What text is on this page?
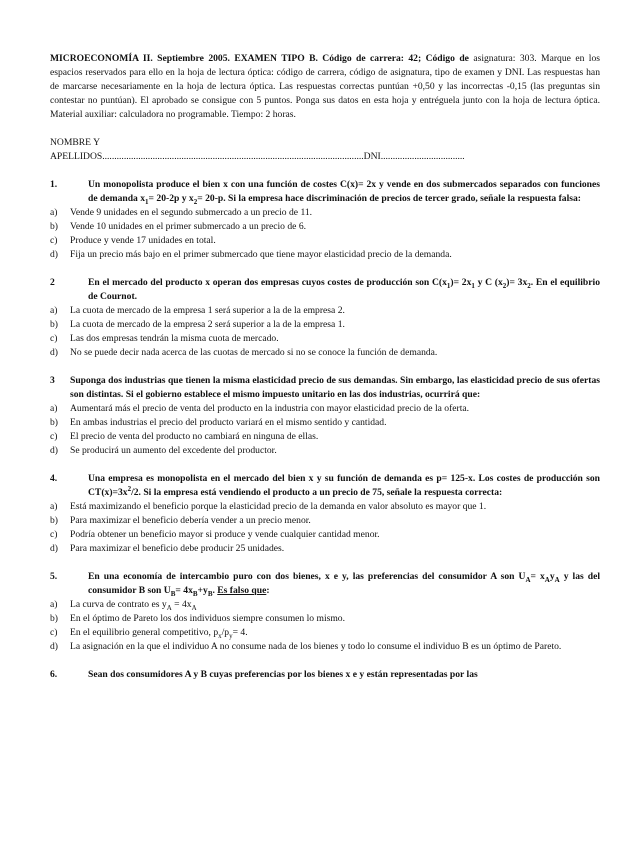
MICROECONOMÍA II. Septiembre 2005. EXAMEN TIPO B. Código de carrera: 42; Código de asignatura: 303. Marque en los espacios reservados para ello en la hoja de lectura óptica: código de carrera, código de asignatura, tipo de examen y DNI. Las respuestas han de marcarse necesariamente en la hoja de lectura óptica. Las respuestas correctas puntúan +0,50 y las incorrectas -0,15 (las preguntas sin contestar no puntúan). El aprobado se consigue con 5 puntos. Ponga sus datos en esta hoja y entréguela junto con la hoja de lectura óptica. Material auxiliar: calculadora no programable. Tiempo: 2 horas.

NOMBRE Y
APELLIDOS.............................................................................................................DNI...................................
1.	Un monopolista produce el bien x con una función de costes C(x)= 2x y vende en dos submercados separados con funciones de demanda $x_1= 20-2p$ y $x_2= 20-p$. Si la empresa hace discriminación de precios de tercer grado, señale la respuesta falsa:
a)	Vende 9 unidades en el segundo submercado a un precio de 11.
b)	Vende 10 unidades en el primer submercado a un precio de 6.
c)	Produce y vende 17 unidades en total.
d)	Fija un precio más bajo en el primer submercado que tiene mayor elasticidad precio de la demanda.
2	En el mercado del producto x operan dos empresas cuyos costes de producción son $C(x_1)= 2x_1$ y C $(x_2)= 3x_2$. En el equilibrio de Cournot.
a)	La cuota de mercado de la empresa 1 será superior a la de la empresa 2.
b)	La cuota de mercado de la empresa 2 será superior a la de la empresa 1.
c)	Las dos empresas tendrán la misma cuota de mercado.
d)	No se puede decir nada acerca de las cuotas de mercado si no se conoce la función de demanda.
3	Suponga dos industrias que tienen la misma elasticidad precio de sus demandas. Sin embargo, las elasticidad precio de sus ofertas son distintas. Si el gobierno establece el mismo impuesto unitario en las dos industrias, ocurrirá que:
a)	Aumentará más el precio de venta del producto en la industria con mayor elasticidad precio de la oferta.
b)	En ambas industrias el precio del producto variará en el mismo sentido y cantidad.
c)	El precio de venta del producto no cambiará en ninguna de ellas.
d)	Se producirá un aumento del excedente del productor.
4.	Una empresa es monopolista en el mercado del bien x y su función de demanda es p= 125-x. Los costes de producción son $CT(x)=3x^2/2$. Si la empresa está vendiendo el producto a un precio de 75, señale la respuesta correcta:
a)	Está maximizando el beneficio porque la elasticidad precio de la demanda en valor absoluto es mayor que 1.
b)	Para maximizar el beneficio debería vender a un precio menor.
c)	Podría obtener un beneficio mayor si produce y vende cualquier cantidad menor.
d)	Para maximizar el beneficio debe producir 25 unidades.
5.	En una economía de intercambio puro con dos bienes, x e y, las preferencias del consumidor A son $U_A= x_Ay_A$ y las del consumidor B son $U_B= 4x_B+y_B$. Es falso que:
a)	La curva de contrato es $y_A = 4x_A$
b)	En el óptimo de Pareto los dos individuos siempre consumen lo mismo.
c)	En el equilibrio general competitivo, $p_x/p_y= 4$.
d)	La asignación en la que el individuo A no consume nada de los bienes y todo lo consume el individuo B es un óptimo de Pareto.
6.	Sean dos consumidores A y B cuyas preferencias por los bienes x e y están representadas por las
